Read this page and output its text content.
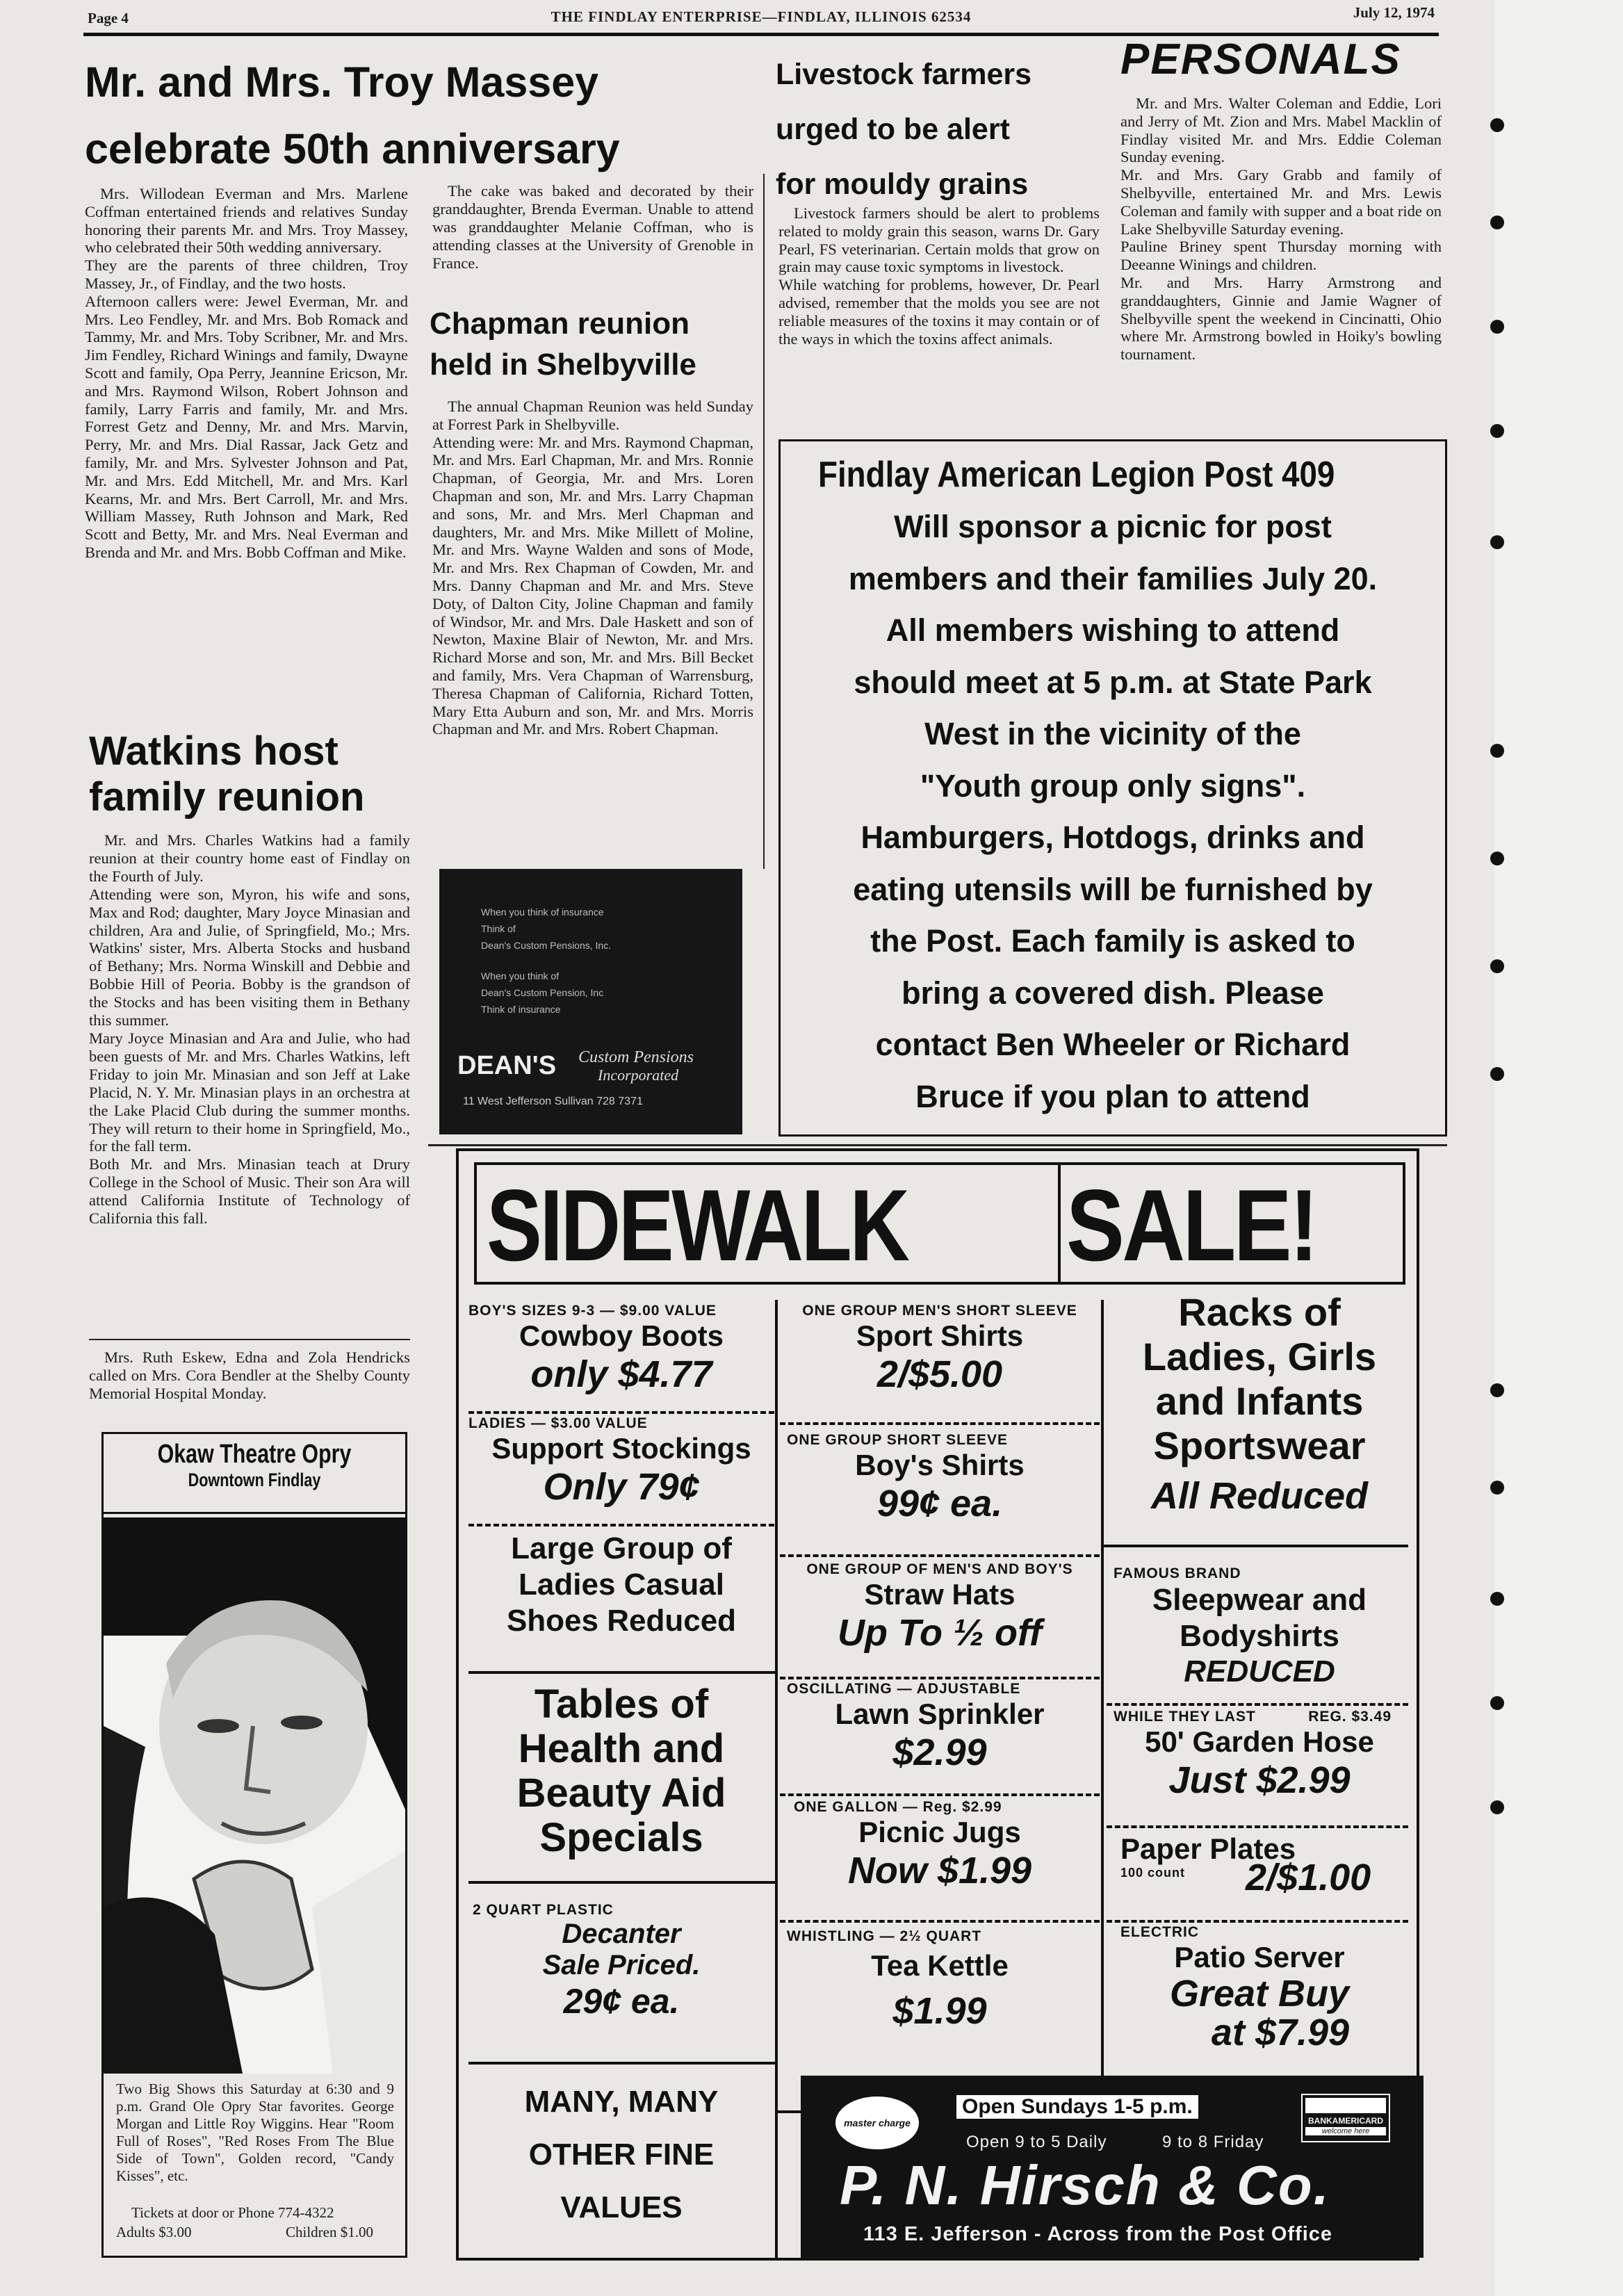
Page 4	THE FINDLAY ENTERPRISE—FINDLAY, ILLINOIS 62534	July 12, 1974
Mr. and Mrs. Troy Massey
celebrate 50th anniversary
Mrs. Willodean Everman and Mrs. Marlene Coffman entertained friends and relatives Sunday honoring their parents Mr. and Mrs. Troy Massey, who celebrated their 50th wedding anniversary.
They are the parents of three children, Troy Massey, Jr., of Findlay, and the two hosts.
Afternoon callers were: Jewel Everman, Mr. and Mrs. Leo Fendley, Mr. and Mrs. Bob Romack and Tammy, Mr. and Mrs. Toby Scribner, Mr. and Mrs. Jim Fendley, Richard Winings and family, Dwayne Scott and family, Opa Perry, Jeannine Ericson, Mr. and Mrs. Raymond Wilson, Robert Johnson and family, Larry Farris and family, Mr. and Mrs. Forrest Getz and Denny, Mr. and Mrs. Marvin, Perry, Mr. and Mrs. Dial Rassar, Jack Getz and family, Mr. and Mrs. Sylvester Johnson and Pat, Mr. and Mrs. Edd Mitchell, Mr. and Mrs. Karl Kearns, Mr. and Mrs. Bert Carroll, Mr. and Mrs. William Massey, Ruth Johnson and Mark, Red Scott and Betty, Mr. and Mrs. Neal Everman and Brenda and Mr. and Mrs. Bobb Coffman and Mike.
The cake was baked and decorated by their granddaughter, Brenda Everman. Unable to attend was granddaughter Melanie Coffman, who is attending classes at the University of Grenoble in France.
Chapman reunion
held in Shelbyville
The annual Chapman Reunion was held Sunday at Forrest Park in Shelbyville.
Attending were: Mr. and Mrs. Raymond Chapman, Mr. and Mrs. Earl Chapman, Mr. and Mrs. Ronnie Chapman, of Georgia, Mr. and Mrs. Loren Chapman and son, Mr. and Mrs. Larry Chapman and sons, Mr. and Mrs. Merl Chapman and daughters, Mr. and Mrs. Mike Millett of Moline, Mr. and Mrs. Wayne Walden and sons of Mode, Mr. and Mrs. Rex Chapman of Cowden, Mr. and Mrs. Danny Chapman and Mr. and Mrs. Steve Doty, of Dalton City, Joline Chapman and family of Windsor, Mr. and Mrs. Dale Haskett and son of Newton, Maxine Blair of Newton, Mr. and Mrs. Richard Morse and son, Mr. and Mrs. Bill Becket and family, Mrs. Vera Chapman of Warrensburg, Theresa Chapman of California, Richard Totten, Mary Etta Auburn and son, Mr. and Mrs. Morris Chapman and Mr. and Mrs. Robert Chapman.
When you think of insurance
Think of
Dean's Custom Pensions, Inc.
When you think of
Dean's Custom Pension, Inc
Think of insurance
DEAN'S Custom Pensions
Incorporated
11 West Jefferson Sullivan 728 7371
Livestock farmers
urged to be alert
for mouldy grains
Livestock farmers should be alert to problems related to moldy grain this season, warns Dr. Gary Pearl, FS veterinarian. Certain molds that grow on grain may cause toxic symptoms in livestock.
While watching for problems, however, Dr. Pearl advised, remember that the molds you see are not reliable measures of the toxins it may contain or of the ways in which the toxins affect animals.
PERSONALS
Mr. and Mrs. Walter Coleman and Eddie, Lori and Jerry of Mt. Zion and Mrs. Mabel Macklin of Findlay visited Mr. and Mrs. Eddie Coleman Sunday evening.
Mr. and Mrs. Gary Grabb and family of Shelbyville, entertained Mr. and Mrs. Lewis Coleman and family with supper and a boat ride on Lake Shelbyville Saturday evening.
Pauline Briney spent Thursday morning with Deeanne Winings and children.
Mr. and Mrs. Harry Armstrong and granddaughters, Ginnie and Jamie Wagner of Shelbyville spent the weekend in Cincinatti, Ohio where Mr. Armstrong bowled in Hoiky's bowling tournament.
Findlay American Legion Post 409
Will sponsor a picnic for post
members and their families July 20.
All members wishing to attend
should meet at 5 p.m. at State Park
West in the vicinity of the
"Youth group only signs".
Hamburgers, Hotdogs, drinks and
eating utensils will be furnished by
the Post. Each family is asked to
bring a covered dish. Please
contact Ben Wheeler or Richard
Bruce if you plan to attend
Watkins host
family reunion
Mr. and Mrs. Charles Watkins had a family reunion at their country home east of Findlay on the Fourth of July.
Attending were son, Myron, his wife and sons, Max and Rod; daughter, Mary Joyce Minasian and children, Ara and Julie, of Springfield, Mo.; Mrs. Watkins' sister, Mrs. Alberta Stocks and husband of Bethany; Mrs. Norma Winskill and Debbie and Bobbie Hill of Peoria. Bobby is the grandson of the Stocks and has been visiting them in Bethany this summer.
Mary Joyce Minasian and Ara and Julie, who had been guests of Mr. and Mrs. Charles Watkins, left Friday to join Mr. Minasian and son Jeff at Lake Placid, N. Y. Mr. Minasian plays in an orchestra at the Lake Placid Club during the summer months. They will return to their home in Springfield, Mo., for the fall term.
Both Mr. and Mrs. Minasian teach at Drury College in the School of Music. Their son Ara will attend California Institute of Technology of California this fall.
Mrs. Ruth Eskew, Edna and Zola Hendricks called on Mrs. Cora Bendler at the Shelby County Memorial Hospital Monday.
Okaw Theatre Opry
Downtown Findlay
Two Big Shows this Saturday at 6:30 and 9 p.m. Grand Ole Opry Star favorites. George Morgan and Little Roy Wiggins. Hear "Room Full of Roses", "Red Roses From The Blue Side of Town", Golden record, "Candy Kisses", etc.
Tickets at door or Phone 774-4322
Adults $3.00	Children $1.00
SIDEWALK SALE!
BOY'S SIZES 9-3 — $9.00 VALUE
Cowboy Boots
only $4.77
LADIES — $3.00 VALUE
Support Stockings
Only 79¢
Large Group of Ladies Casual Shoes Reduced
Tables of Health and Beauty Aid Specials
2 QUART PLASTIC
Decanter
Sale Priced.
29¢ ea.
MANY, MANY OTHER FINE VALUES
ONE GROUP MEN'S SHORT SLEEVE
Sport Shirts
2/$5.00
ONE GROUP SHORT SLEEVE
Boy's Shirts
99¢ ea.
ONE GROUP OF MEN'S AND BOY'S
Straw Hats
Up To ½ off
OSCILLATING — ADJUSTABLE
Lawn Sprinkler
$2.99
ONE GALLON — Reg. $2.99
Picnic Jugs
Now $1.99
WHISTLING — 2½ QUART
Tea Kettle
$1.99
Racks of Ladies, Girls and Infants Sportswear
All Reduced
FAMOUS BRAND
Sleepwear and Bodyshirts
REDUCED
WHILE THEY LAST	REG. $3.49
50' Garden Hose
Just $2.99
Paper Plates
100 count	2/$1.00
ELECTRIC
Patio Server
Great Buy
at $7.99
master charge
Open Sundays 1-5 p.m.
Open 9 to 5 Daily	9 to 8 Friday
BANKAMERICARD
welcome here
P. N. Hirsch & Co.
113 E. Jefferson - Across from the Post Office
